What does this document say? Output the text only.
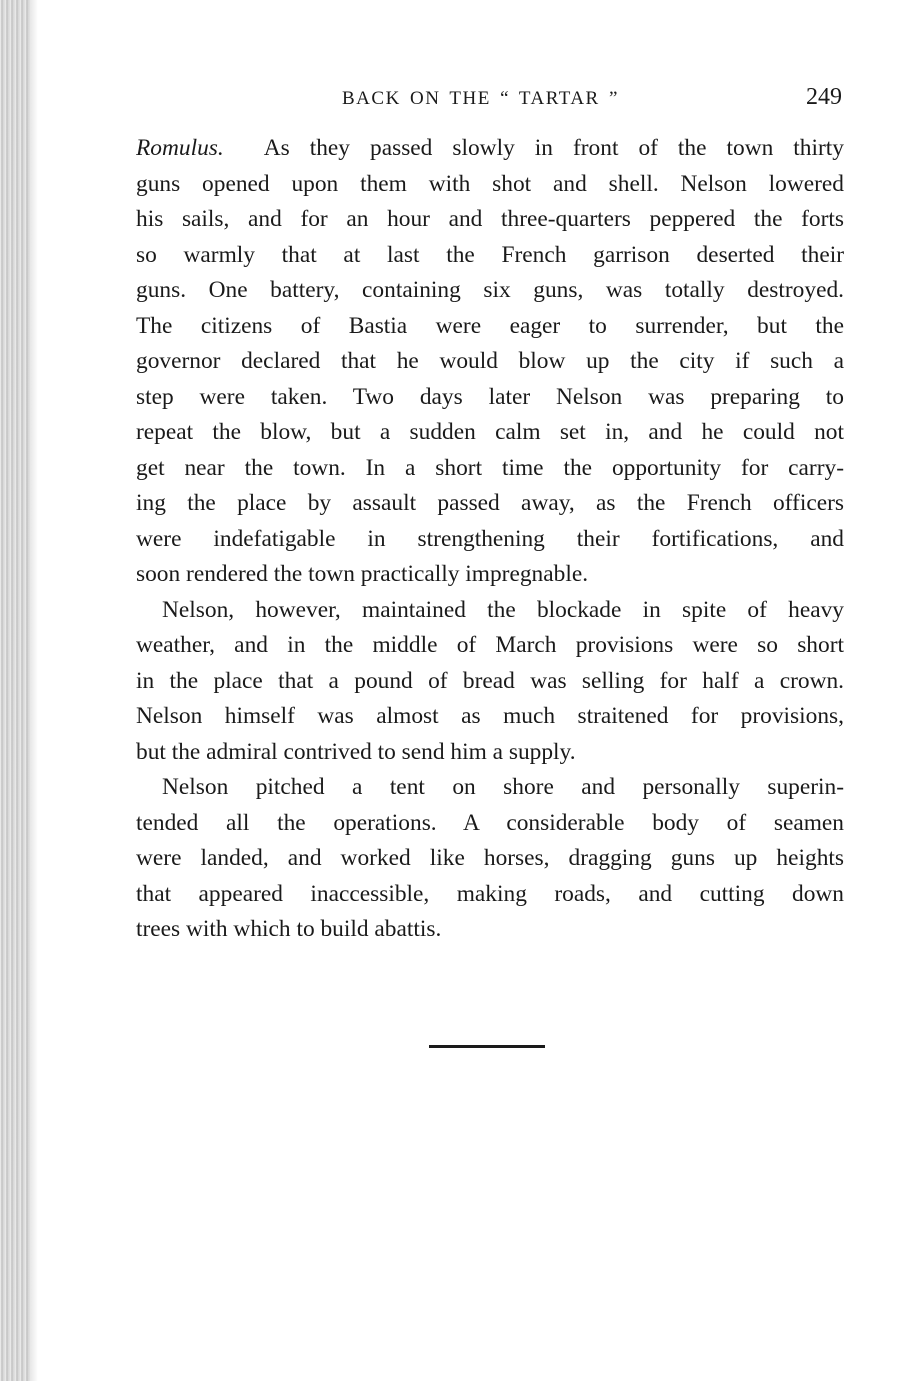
BACK ON THE “ TARTAR ”	249
Romulus. As they passed slowly in front of the town thirty
guns opened upon them with shot and shell. Nelson lowered
his sails, and for an hour and three-quarters peppered the forts
so warmly that at last the French garrison deserted their
guns. One battery, containing six guns, was totally destroyed.
The citizens of Bastia were eager to surrender, but the
governor declared that he would blow up the city if such a
step were taken. Two days later Nelson was preparing to
repeat the blow, but a sudden calm set in, and he could not
get near the town. In a short time the opportunity for carry-
ing the place by assault passed away, as the French officers
were indefatigable in strengthening their fortifications, and
soon rendered the town practically impregnable.
Nelson, however, maintained the blockade in spite of heavy
weather, and in the middle of March provisions were so short
in the place that a pound of bread was selling for half a crown.
Nelson himself was almost as much straitened for provisions,
but the admiral contrived to send him a supply.
Nelson pitched a tent on shore and personally superin-
tended all the operations. A considerable body of seamen
were landed, and worked like horses, dragging guns up heights
that appeared inaccessible, making roads, and cutting down
trees with which to build abattis.
